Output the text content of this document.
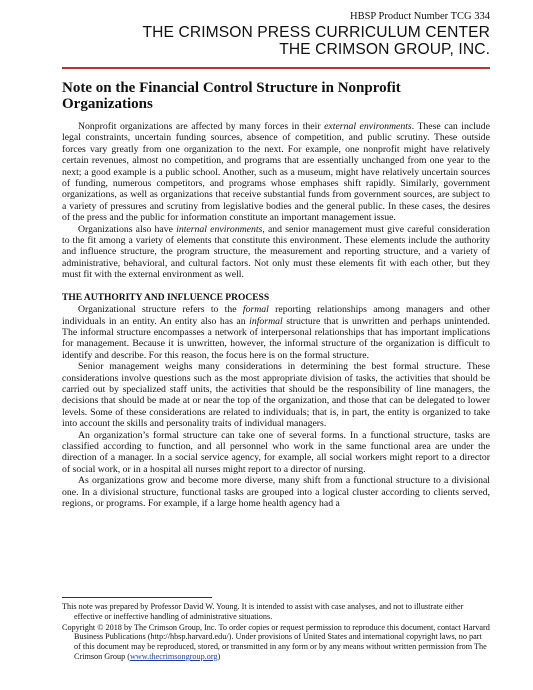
HBSP Product Number TCG 334
THE CRIMSON PRESS CURRICULUM CENTER
THE CRIMSON GROUP, INC.
Note on the Financial Control Structure in Nonprofit Organizations

Nonprofit organizations are affected by many forces in their external environments. These can include legal constraints, uncertain funding sources, absence of competition, and public scrutiny. These outside forces vary greatly from one organization to the next. For example, one nonprofit might have relatively certain revenues, almost no competition, and programs that are essentially unchanged from one year to the next; a good example is a public school. Another, such as a museum, might have relatively uncertain sources of funding, numerous competitors, and programs whose emphases shift rapidly. Similarly, government organizations, as well as organizations that receive substantial funds from government sources, are subject to a variety of pressures and scrutiny from legislative bodies and the general public. In these cases, the desires of the press and the public for information constitute an important management issue.

Organizations also have internal environments, and senior management must give careful consideration to the fit among a variety of elements that constitute this environment. These elements include the authority and influence structure, the program structure, the measurement and reporting structure, and a variety of administrative, behavioral, and cultural factors. Not only must these elements fit with each other, but they must fit with the external environment as well.

THE AUTHORITY AND INFLUENCE PROCESS

Organizational structure refers to the formal reporting relationships among managers and other individuals in an entity. An entity also has an informal structure that is unwritten and perhaps unintended. The informal structure encompasses a network of interpersonal relationships that has important implications for management. Because it is unwritten, however, the informal structure of the organization is difficult to identify and describe. For this reason, the focus here is on the formal structure.

Senior management weighs many considerations in determining the best formal structure. These considerations involve questions such as the most appropriate division of tasks, the activities that should be carried out by specialized staff units, the activities that should be the responsibility of line managers, the decisions that should be made at or near the top of the organization, and those that can be delegated to lower levels. Some of these considerations are related to individuals; that is, in part, the entity is organized to take into account the skills and personality traits of individual managers.

An organization’s formal structure can take one of several forms. In a functional structure, tasks are classified according to function, and all personnel who work in the same functional area are under the direction of a manager. In a social service agency, for example, all social workers might report to a director of social work, or in a hospital all nurses might report to a director of nursing.

As organizations grow and become more diverse, many shift from a functional structure to a divisional one. In a divisional structure, functional tasks are grouped into a logical cluster according to clients served, regions, or programs. For example, if a large home health agency had a

This note was prepared by Professor David W. Young. It is intended to assist with case analyses, and not to illustrate either effective or ineffective handling of administrative situations.

Copyright © 2018 by The Crimson Group, Inc. To order copies or request permission to reproduce this document, contact Harvard Business Publications (http://hbsp.harvard.edu/). Under provisions of United States and international copyright laws, no part of this document may be reproduced, stored, or transmitted in any form or by any means without written permission from The Crimson Group (www.thecrimsongroup.org)
